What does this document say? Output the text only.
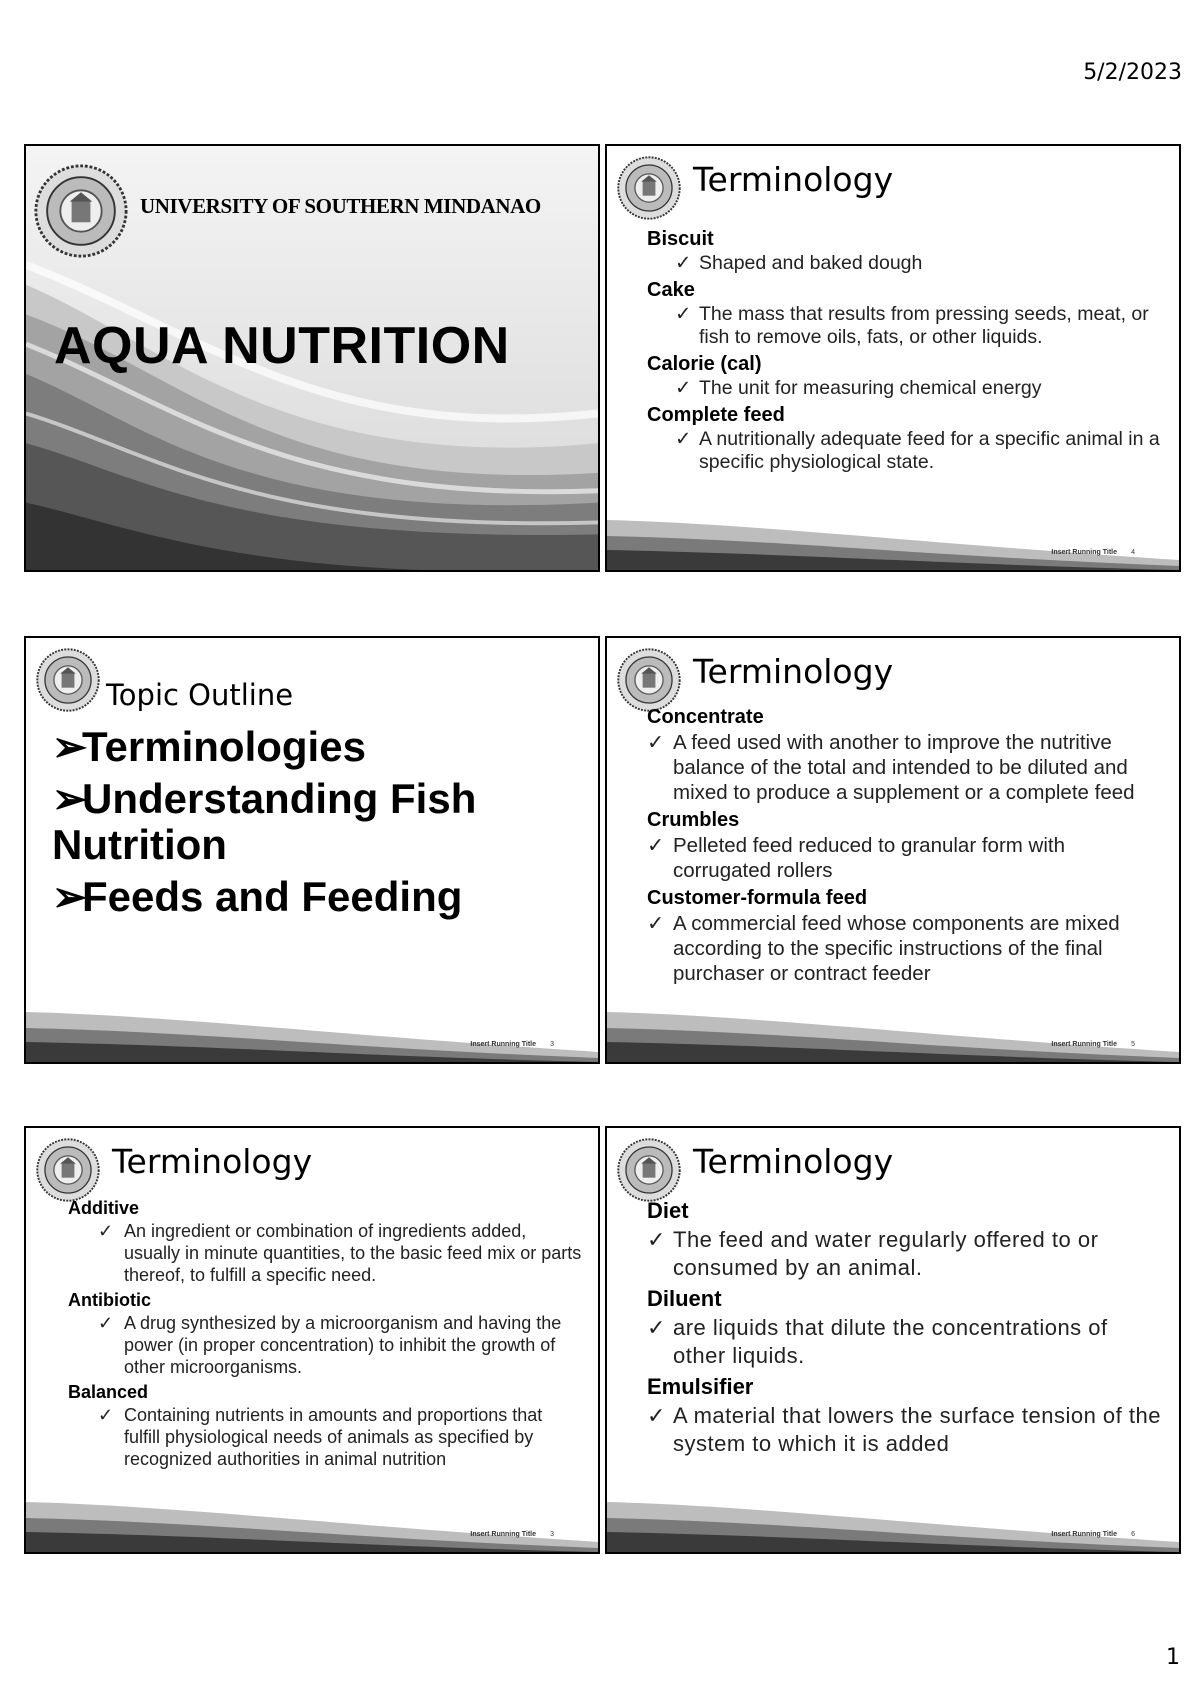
5/2/2023
UNIVERSITY OF SOUTHERN MINDANAO
AQUA NUTRITION
Terminology
Biscuit
✓ Shaped and baked dough
Cake
✓ The mass that results from pressing seeds, meat, or fish to remove oils, fats, or other liquids.
Calorie (cal)
✓ The unit for measuring chemical energy
Complete feed
✓ A nutritionally adequate feed for a specific animal in a specific physiological state.
Insert Running Title 4
Topic Outline
➢Terminologies
➢Understanding Fish Nutrition
➢Feeds and Feeding
Insert Running Title 3
Terminology
Concentrate
✓ A feed used with another to improve the nutritive balance of the total and intended to be diluted and mixed to produce a supplement or a complete feed
Crumbles
✓ Pelleted feed reduced to granular form with corrugated rollers
Customer-formula feed
✓ A commercial feed whose components are mixed according to the specific instructions of the final purchaser or contract feeder
Insert Running Title 5
Terminology
Additive
✓ An ingredient or combination of ingredients added, usually in minute quantities, to the basic feed mix or parts thereof, to fulfill a specific need.
Antibiotic
✓ A drug synthesized by a microorganism and having the power (in proper concentration) to inhibit the growth of other microorganisms.
Balanced
✓ Containing nutrients in amounts and proportions that fulfill physiological needs of animals as specified by recognized authorities in animal nutrition
Insert Running Title 3
Terminology
Diet
✓ The feed and water regularly offered to or consumed by an animal.
Diluent
✓ are liquids that dilute the concentrations of other liquids.
Emulsifier
✓ A material that lowers the surface tension of the system to which it is added
Insert Running Title 6
1
